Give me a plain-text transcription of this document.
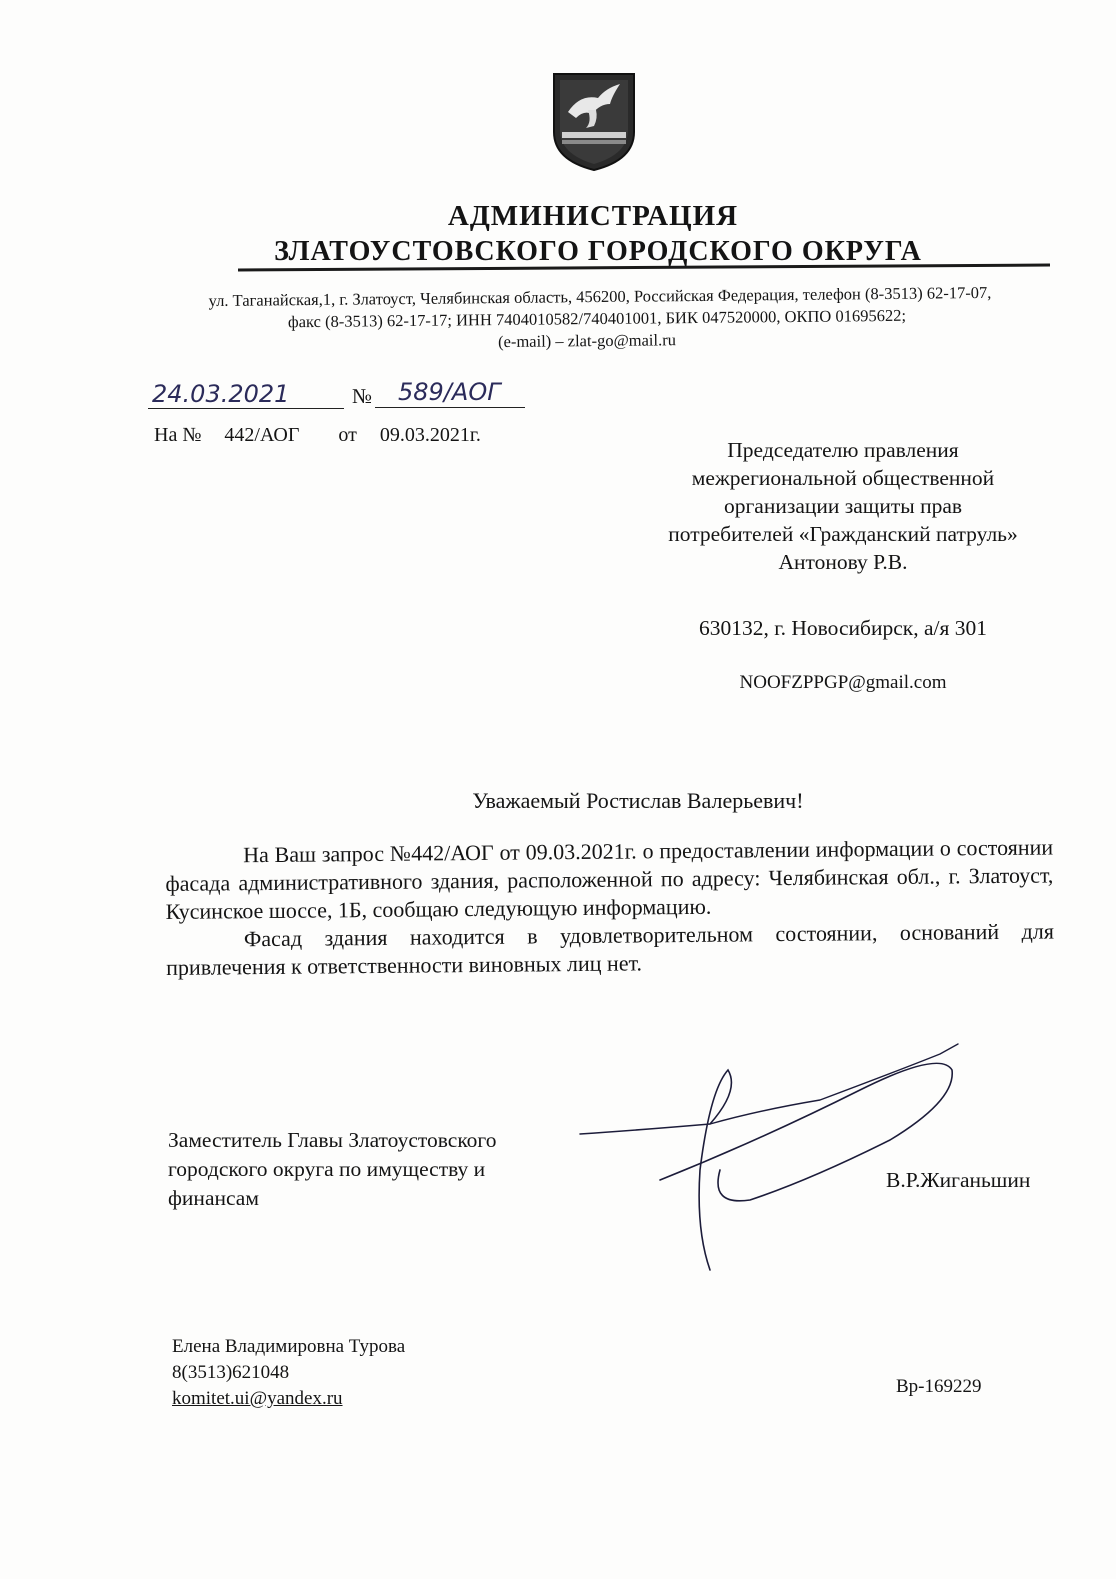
АДМИНИСТРАЦИЯ
ЗЛАТОУСТОВСКОГО ГОРОДСКОГО ОКРУГА
ул. Таганайская,1, г. Златоуст, Челябинская область, 456200, Российская Федерация, телефон (8-3513) 62-17-07,
факс (8-3513) 62-17-17; ИНН 7404010582/740401001, БИК 047520000, ОКПО 01695622;
(e-mail) – zlat-go@mail.ru
24.03.2021	№ 589/АОГ
На № 442/АОГ от 09.03.2021г.
Председателю правления
межрегиональной общественной
организации защиты прав
потребителей «Гражданский патруль»
Антонову Р.В.
630132, г. Новосибирск, а/я 301
NOOFZPPGP@gmail.com
Уважаемый Ростислав Валерьевич!

На Ваш запрос №442/АОГ от 09.03.2021г. о предоставлении информации о состоянии фасада административного здания, расположенной по адресу: Челябинская обл., г. Златоуст, Кусинское шоссе, 1Б, сообщаю следующую информацию.

Фасад здания находится в удовлетворительном состоянии, оснований для привлечения к ответственности виновных лиц нет.

Заместитель Главы Златоустовского
городского округа по имуществу и
финансам
В.Р.Жиганьшин
Елена Владимировна Турова
8(3513)621048
komitet.ui@yandex.ru
Вр-169229
